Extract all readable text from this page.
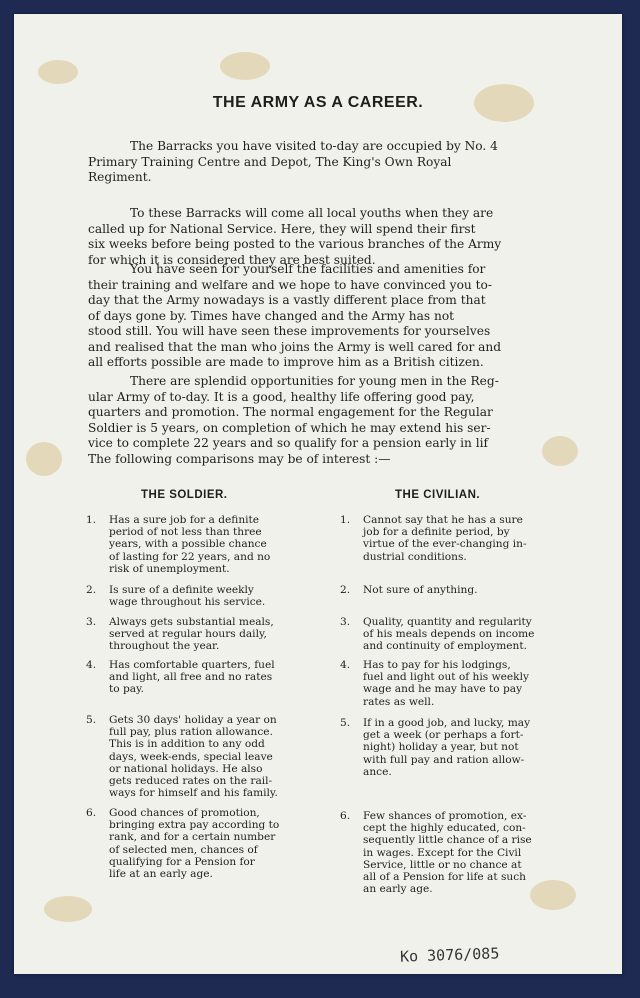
THE ARMY AS A CAREER.

The Barracks you have visited to-day are occupied by No. 4
Primary Training Centre and Depot, The King's Own Royal
Regiment.

To these Barracks will come all local youths when they are
called up for National Service. Here, they will spend their first
six weeks before being posted to the various branches of the Army
for which it is considered they are best suited.

You have seen for yourself the facilities and amenities for
their training and welfare and we hope to have convinced you to-
day that the Army nowadays is a vastly different place from that
of days gone by. Times have changed and the Army has not
stood still. You will have seen these improvements for yourselves
and realised that the man who joins the Army is well cared for and
all efforts possible are made to improve him as a British citizen.

There are splendid opportunities for young men in the Reg-
ular Army of to-day. It is a good, healthy life offering good pay,
quarters and promotion. The normal engagement for the Regular
Soldier is 5 years, on completion of which he may extend his ser-
vice to complete 22 years and so qualify for a pension early in lif
The following comparisons may be of interest :—

THE SOLDIER.	THE CIVILIAN.
1. Has a sure job for a definite
period of not less than three
years, with a possible chance
of lasting for 22 years, and no
risk of unemployment.
2. Is sure of a definite weekly
wage throughout his service.
3. Always gets substantial meals,
served at regular hours daily,
throughout the year.
4. Has comfortable quarters, fuel
and light, all free and no rates
to pay.
5. Gets 30 days' holiday a year on
full pay, plus ration allowance.
This is in addition to any odd
days, week-ends, special leave
or national holidays. He also
gets reduced rates on the rail-
ways for himself and his family.
6. Good chances of promotion,
bringing extra pay according to
rank, and for a certain number
of selected men, chances of
qualifying for a Pension for
life at an early age.
1. Cannot say that he has a sure
job for a definite period, by
virtue of the ever-changing in-
dustrial conditions.
2. Not sure of anything.
3. Quality, quantity and regularity
of his meals depends on income
and continuity of employment.
4. Has to pay for his lodgings,
fuel and light out of his weekly
wage and he may have to pay
rates as well.
5. If in a good job, and lucky, may
get a week (or perhaps a fort-
night) holiday a year, but not
with full pay and ration allow-
ance.
6. Few shances of promotion, ex-
cept the highly educated, con-
sequently little chance of a rise
in wages. Except for the Civil
Service, little or no chance at
all of a Pension for life at such
an early age.
Ko 3076/085
